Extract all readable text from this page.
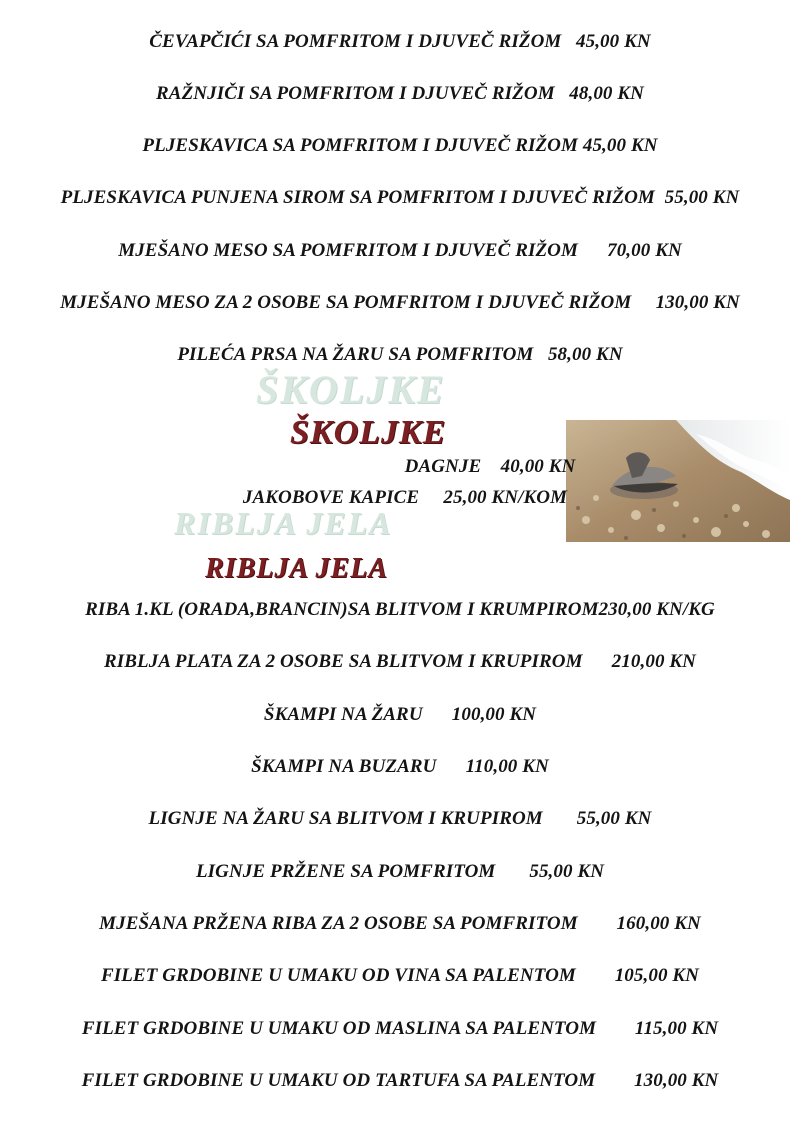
ČEVAPČIĆI SA POMFRITOM I DJUVEČ RIŽOM 45,00 KN
RAŽNJIČI SA POMFRITOM I DJUVEČ RIŽOM 48,00 KN
PLJESKAVICA SA POMFRITOM I DJUVEČ RIŽOM 45,00 KN
PLJESKAVICA PUNJENA SIROM SA POMFRITOM I DJUVEČ RIŽOM 55,00 KN
MJEŠANO MESO SA POMFRITOM I DJUVEČ RIŽOM 70,00 KN
MJEŠANO MESO ZA 2 OSOBE SA POMFRITOM I DJUVEČ RIŽOM 130,00 KN
PILEĆA PRSA NA ŽARU SA POMFRITOM 58,00 KN
ŠKOLJKE
ŠKOLJKE
DAGNJE 40,00 KN
JAKOBOVE KAPICE 25,00 KN/KOM
RIBLJA JELA
RIBLJA JELA
RIBA 1.KL (ORADA,BRANCIN)SA BLITVOM I KRUMPIROM230,00 KN/KG
RIBLJA PLATA ZA 2 OSOBE SA BLITVOM I KRUPIROM 210,00 KN
ŠKAMPI NA ŽARU 100,00 KN
ŠKAMPI NA BUZARU 110,00 KN
LIGNJE NA ŽARU SA BLITVOM I KRUPIROM 55,00 KN
LIGNJE PRŽENE SA POMFRITOM 55,00 KN
MJEŠANA PRŽENA RIBA ZA 2 OSOBE SA POMFRITOM 160,00 KN
FILET GRDOBINE U UMAKU OD VINA SA PALENTOM 105,00 KN
FILET GRDOBINE U UMAKU OD MASLINA SA PALENTOM 115,00 KN
FILET GRDOBINE U UMAKU OD TARTUFA SA PALENTOM 130,00 KN
